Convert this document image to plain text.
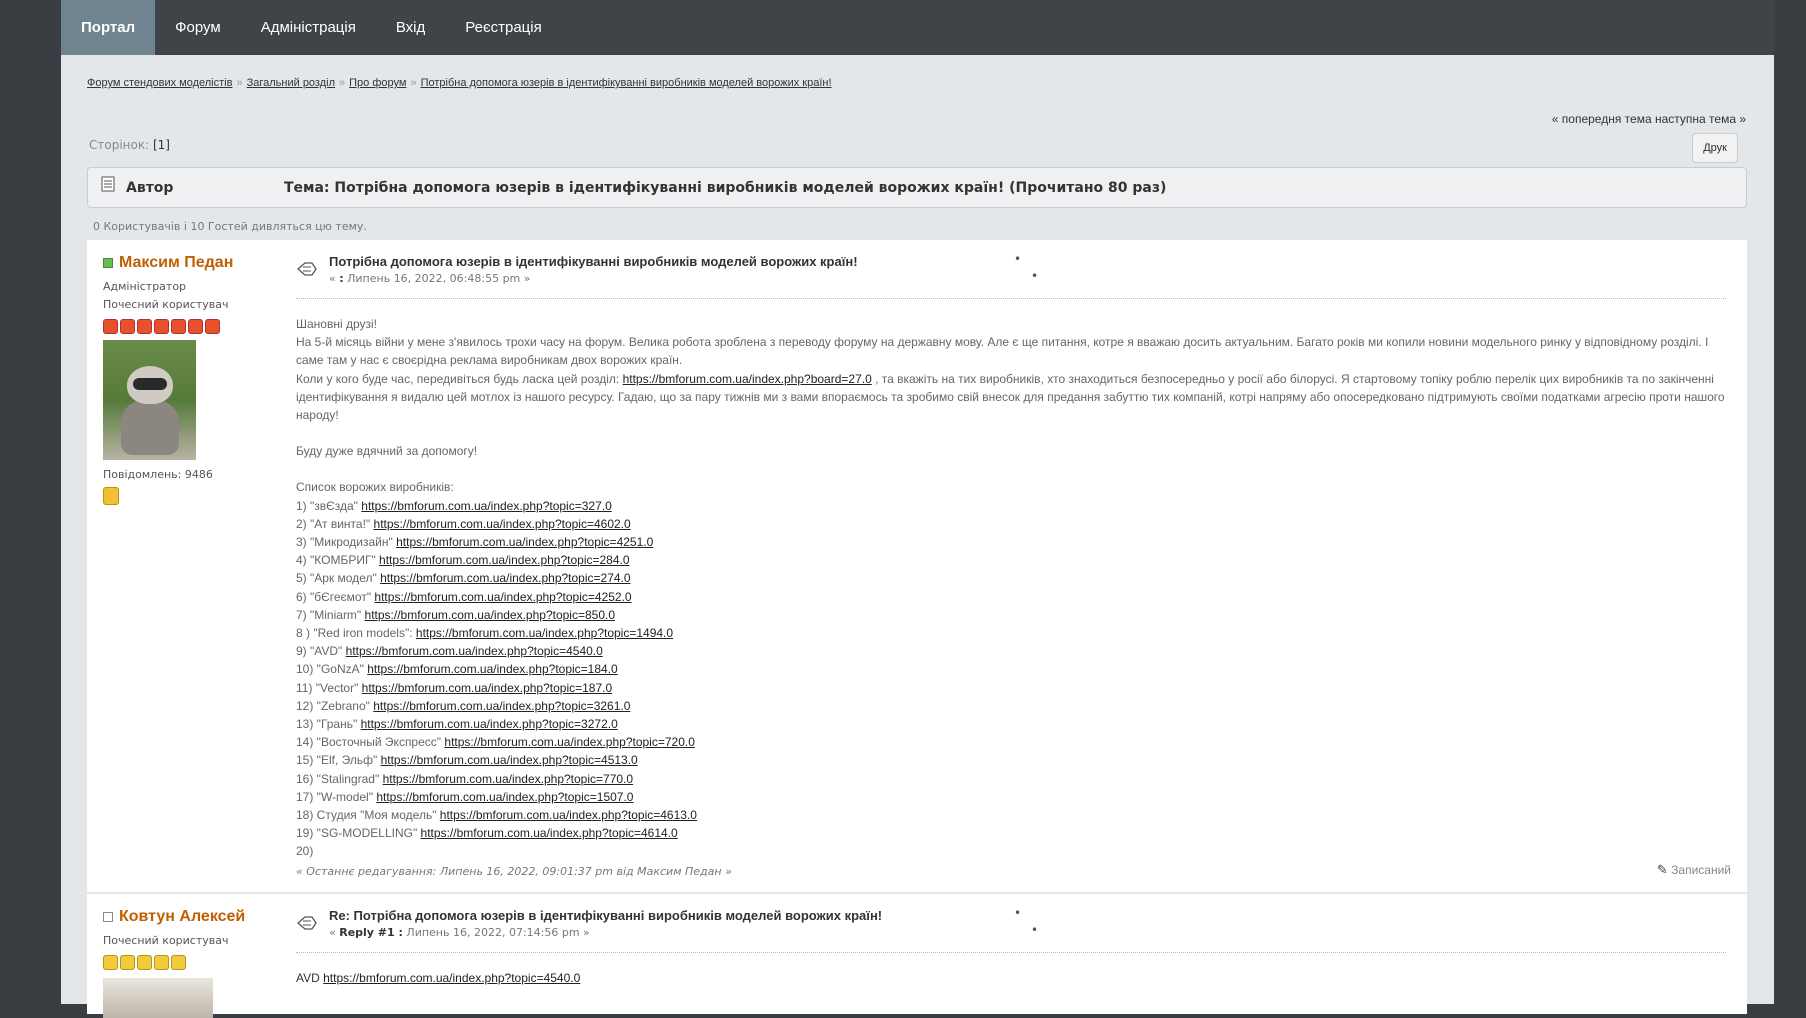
Портал	Форум	Адміністрація	Вхід	Реєстрація
Форум стендових моделістів » Загальний розділ » Про форум » Потрібна допомога юзерів в ідентифікуванні виробників моделей ворожих країн!
« попередня тема наступна тема »
Сторінок: [1]	Друк
Автор	Тема: Потрібна допомога юзерів в ідентифікуванні виробників моделей ворожих країн! (Прочитано 80 раз)
0 Користувачів і 10 Гостей дивляться цю тему.
Максим Педан
Адміністратор
Почесний користувач
Повідомлень: 9486
Потрібна допомога юзерів в ідентифікуванні виробників моделей ворожих країн!
« : Липень 16, 2022, 06:48:55 pm »
•
•
Шановні друзі!
На 5-й місяць війни у мене з'явилось трохи часу на форум. Велика робота зроблена з переводу форуму на державну мову. Але є ще питання, котре я вважаю досить актуальним. Багато років ми копили новини модельного ринку у відповідному розділі. І саме там у нас є своєрідна реклама виробникам двох ворожих країн.
Коли у кого буде час, передивіться будь ласка цей розділ: https://bmforum.com.ua/index.php?board=27.0 , та вкажіть на тих виробників, хто знаходиться безпосередньо у росії або білорусі. Я стартовому топіку роблю перелік цих виробників та по закінченні ідентифікування я видалю цей мотлох із нашого ресурсу. Гадаю, що за пару тижнів ми з вами впораємось та зробимо свій внесок для предання забуттю тих компаній, котрі напряму або опосередковано підтримують своїми податками агресію проти нашого народу!
Буду дуже вдячний за допомогу!
Список ворожих виробників:
1) "звЄзда" https://bmforum.com.ua/index.php?topic=327.0
2) "Ат винта!" https://bmforum.com.ua/index.php?topic=4602.0
3) "Микродизайн" https://bmforum.com.ua/index.php?topic=4251.0
4) "КОМБРИГ" https://bmforum.com.ua/index.php?topic=284.0
5) "Арк модел" https://bmforum.com.ua/index.php?topic=274.0
6) "бЄгеємот" https://bmforum.com.ua/index.php?topic=4252.0
7) "Miniarm" https://bmforum.com.ua/index.php?topic=850.0
8 ) "Red iron models": https://bmforum.com.ua/index.php?topic=1494.0
9) "AVD" https://bmforum.com.ua/index.php?topic=4540.0
10) "GoNzA" https://bmforum.com.ua/index.php?topic=184.0
11) "Vector" https://bmforum.com.ua/index.php?topic=187.0
12) "Zebrano" https://bmforum.com.ua/index.php?topic=3261.0
13) "Грань" https://bmforum.com.ua/index.php?topic=3272.0
14) "Восточный Экспресс" https://bmforum.com.ua/index.php?topic=720.0
15) "Elf, Эльф" https://bmforum.com.ua/index.php?topic=4513.0
16) "Stalingrad" https://bmforum.com.ua/index.php?topic=770.0
17) "W-model" https://bmforum.com.ua/index.php?topic=1507.0
18) Студия "Моя модель" https://bmforum.com.ua/index.php?topic=4613.0
19) "SG-MODELLING" https://bmforum.com.ua/index.php?topic=4614.0
20)
« Останнє редагування: Липень 16, 2022, 09:01:37 pm від Максим Педан »	✎ Записаний
Ковтун Алексей
Почесний користувач
Re: Потрібна допомога юзерів в ідентифікуванні виробників моделей ворожих країн!
« Reply #1 : Липень 16, 2022, 07:14:56 pm »
•
•
AVD https://bmforum.com.ua/index.php?topic=4540.0
